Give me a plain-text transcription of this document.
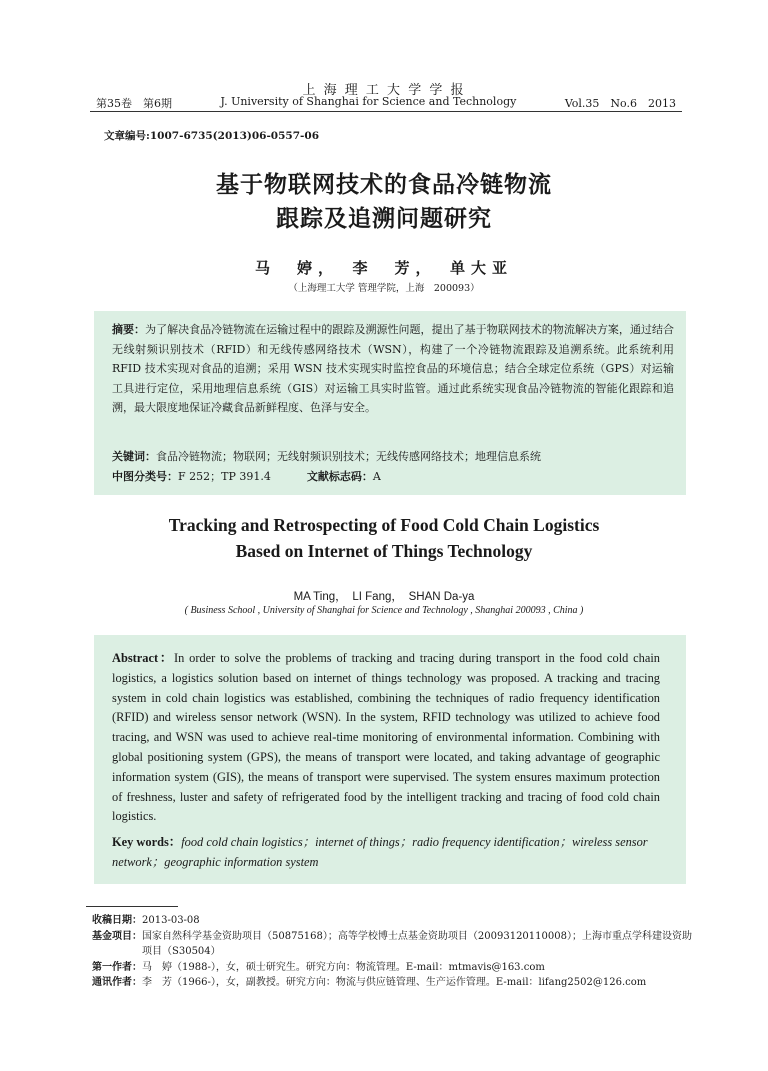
上 海 理 工 大 学 学 报
第35卷　第6期	J. University of Shanghai for Science and Technology	Vol.35　No.6　2013
文章编号:1007-6735(2013)06-0557-06
基于物联网技术的食品冷链物流
跟踪及追溯问题研究
马　婷，　李　芳，　单大亚
（上海理工大学 管理学院，上海　200093）
摘要：为了解决食品冷链物流在运输过程中的跟踪及溯源性问题，提出了基于物联网技术的物流解决方案，通过结合无线射频识别技术（RFID）和无线传感网络技术（WSN），构建了一个冷链物流跟踪及追溯系统。此系统利用 RFID 技术实现对食品的追溯；采用 WSN 技术实现实时监控食品的环境信息；结合全球定位系统（GPS）对运输工具进行定位，采用地理信息系统（GIS）对运输工具实时监管。通过此系统实现食品冷链物流的智能化跟踪和追溯，最大限度地保证冷藏食品新鲜程度、色泽与安全。
关键词：食品冷链物流；物联网；无线射频识别技术；无线传感网络技术；地理信息系统
中图分类号：F 252；TP 391.4	文献标志码：A
Tracking and Retrospecting of Food Cold Chain Logistics
Based on Internet of Things Technology
MA Ting，　LI Fang，　SHAN Da-ya
( Business School , University of Shanghai for Science and Technology , Shanghai 200093 , China )
Abstract：In order to solve the problems of tracking and tracing during transport in the food cold chain logistics, a logistics solution based on internet of things technology was proposed. A tracking and tracing system in cold chain logistics was established, combining the techniques of radio frequency identification (RFID) and wireless sensor network (WSN). In the system, RFID technology was utilized to achieve food tracing, and WSN was used to achieve real-time monitoring of environmental information. Combining with global positioning system (GPS), the means of transport were located, and taking advantage of geographic information system (GIS), the means of transport were supervised. The system ensures maximum protection of freshness, luster and safety of refrigerated food by the intelligent tracking and tracing of food cold chain logistics.
Key words：food cold chain logistics；internet of things；radio frequency identification；wireless sensor network；geographic information system
收稿日期： 2013-03-08
基金项目： 国家自然科学基金资助项目（50875168）；高等学校博士点基金资助项目（20093120110008）；上海市重点学科建设资助项目（S30504）
第一作者： 马　婷（1988-），女，硕士研究生。研究方向：物流管理。E-mail：mtmavis@163.com
通讯作者： 李　芳（1966-），女，副教授。研究方向：物流与供应链管理、生产运作管理。E-mail：lifang2502@126.com
